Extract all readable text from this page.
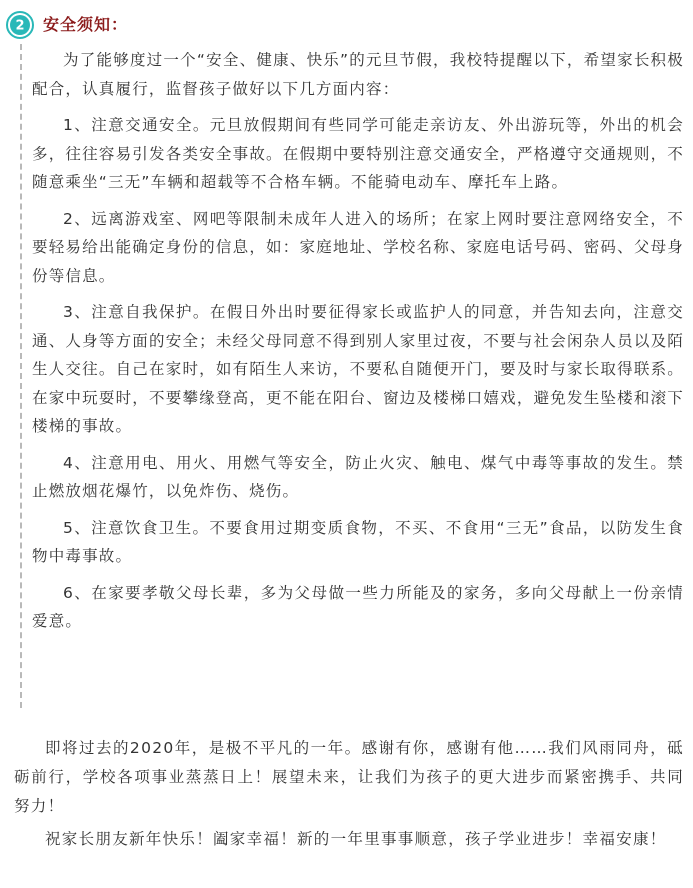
2 安全须知：

为了能够度过一个“安全、健康、快乐”的元旦节假，我校特提醒以下，希望家长积极配合，认真履行，监督孩子做好以下几方面内容：

1、注意交通安全。元旦放假期间有些同学可能走亲访友、外出游玩等，外出的机会多，往往容易引发各类安全事故。在假期中要特别注意交通安全，严格遵守交通规则，不随意乘坐“三无”车辆和超载等不合格车辆。不能骑电动车、摩托车上路。

2、远离游戏室、网吧等限制未成年人进入的场所；在家上网时要注意网络安全，不要轻易给出能确定身份的信息，如：家庭地址、学校名称、家庭电话号码、密码、父母身份等信息。

3、注意自我保护。在假日外出时要征得家长或监护人的同意，并告知去向，注意交通、人身等方面的安全；未经父母同意不得到别人家里过夜，不要与社会闲杂人员以及陌生人交往。自己在家时，如有陌生人来访，不要私自随便开门，要及时与家长取得联系。在家中玩耍时，不要攀缘登高，更不能在阳台、窗边及楼梯口嬉戏，避免发生坠楼和滚下楼梯的事故。

4、注意用电、用火、用燃气等安全，防止火灾、触电、煤气中毒等事故的发生。禁止燃放烟花爆竹，以免炸伤、烧伤。

5、注意饮食卫生。不要食用过期变质食物，不买、不食用“三无”食品，以防发生食物中毒事故。

6、在家要孝敬父母长辈，多为父母做一些力所能及的家务，多向父母献上一份亲情爱意。

即将过去的2020年，是极不平凡的一年。感谢有你，感谢有他……我们风雨同舟，砥砺前行，学校各项事业蒸蒸日上！展望未来，让我们为孩子的更大进步而紧密携手、共同努力！

祝家长朋友新年快乐！阖家幸福！新的一年里事事顺意，孩子学业进步！幸福安康！
